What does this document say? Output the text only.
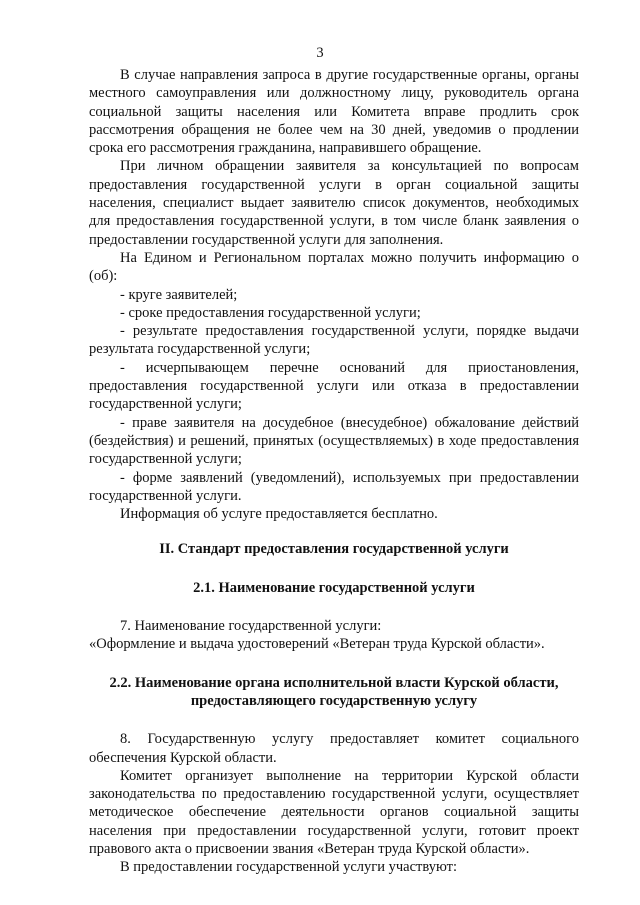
3

В случае направления запроса в другие государственные органы, органы местного самоуправления или должностному лицу, руководитель органа социальной защиты населения или Комитета вправе продлить срок рассмотрения обращения не более чем на 30 дней, уведомив о продлении срока его рассмотрения гражданина, направившего обращение.

При личном обращении заявителя за консультацией по вопросам предоставления государственной услуги в орган социальной защиты населения, специалист выдает заявителю список документов, необходимых для предоставления государственной услуги, в том числе бланк заявления о предоставлении государственной услуги для заполнения.

На Едином и Региональном порталах можно получить информацию о (об):

- круге заявителей;

- сроке предоставления государственной услуги;

- результате предоставления государственной услуги, порядке выдачи результата государственной услуги;

- исчерпывающем перечне оснований для приостановления, предоставления государственной услуги или отказа в предоставлении государственной услуги;

- праве заявителя на досудебное (внесудебное) обжалование действий (бездействия) и решений, принятых (осуществляемых) в ходе предоставления государственной услуги;

- форме заявлений (уведомлений), используемых при предоставлении государственной услуги.

Информация об услуге предоставляется бесплатно.

II. Стандарт предоставления государственной услуги
2.1. Наименование государственной услуги

7. Наименование государственной услуги:

«Оформление и выдача удостоверений «Ветеран труда Курской области».

2.2. Наименование органа исполнительной власти Курской области,
предоставляющего государственную услугу

8. Государственную услугу предоставляет комитет социального обеспечения Курской области.

Комитет организует выполнение на территории Курской области законодательства по предоставлению государственной услуги, осуществляет методическое обеспечение деятельности органов социальной защиты населения при предоставлении государственной услуги, готовит проект правового акта о присвоении звания «Ветеран труда Курской области».

В предоставлении государственной услуги участвуют:
